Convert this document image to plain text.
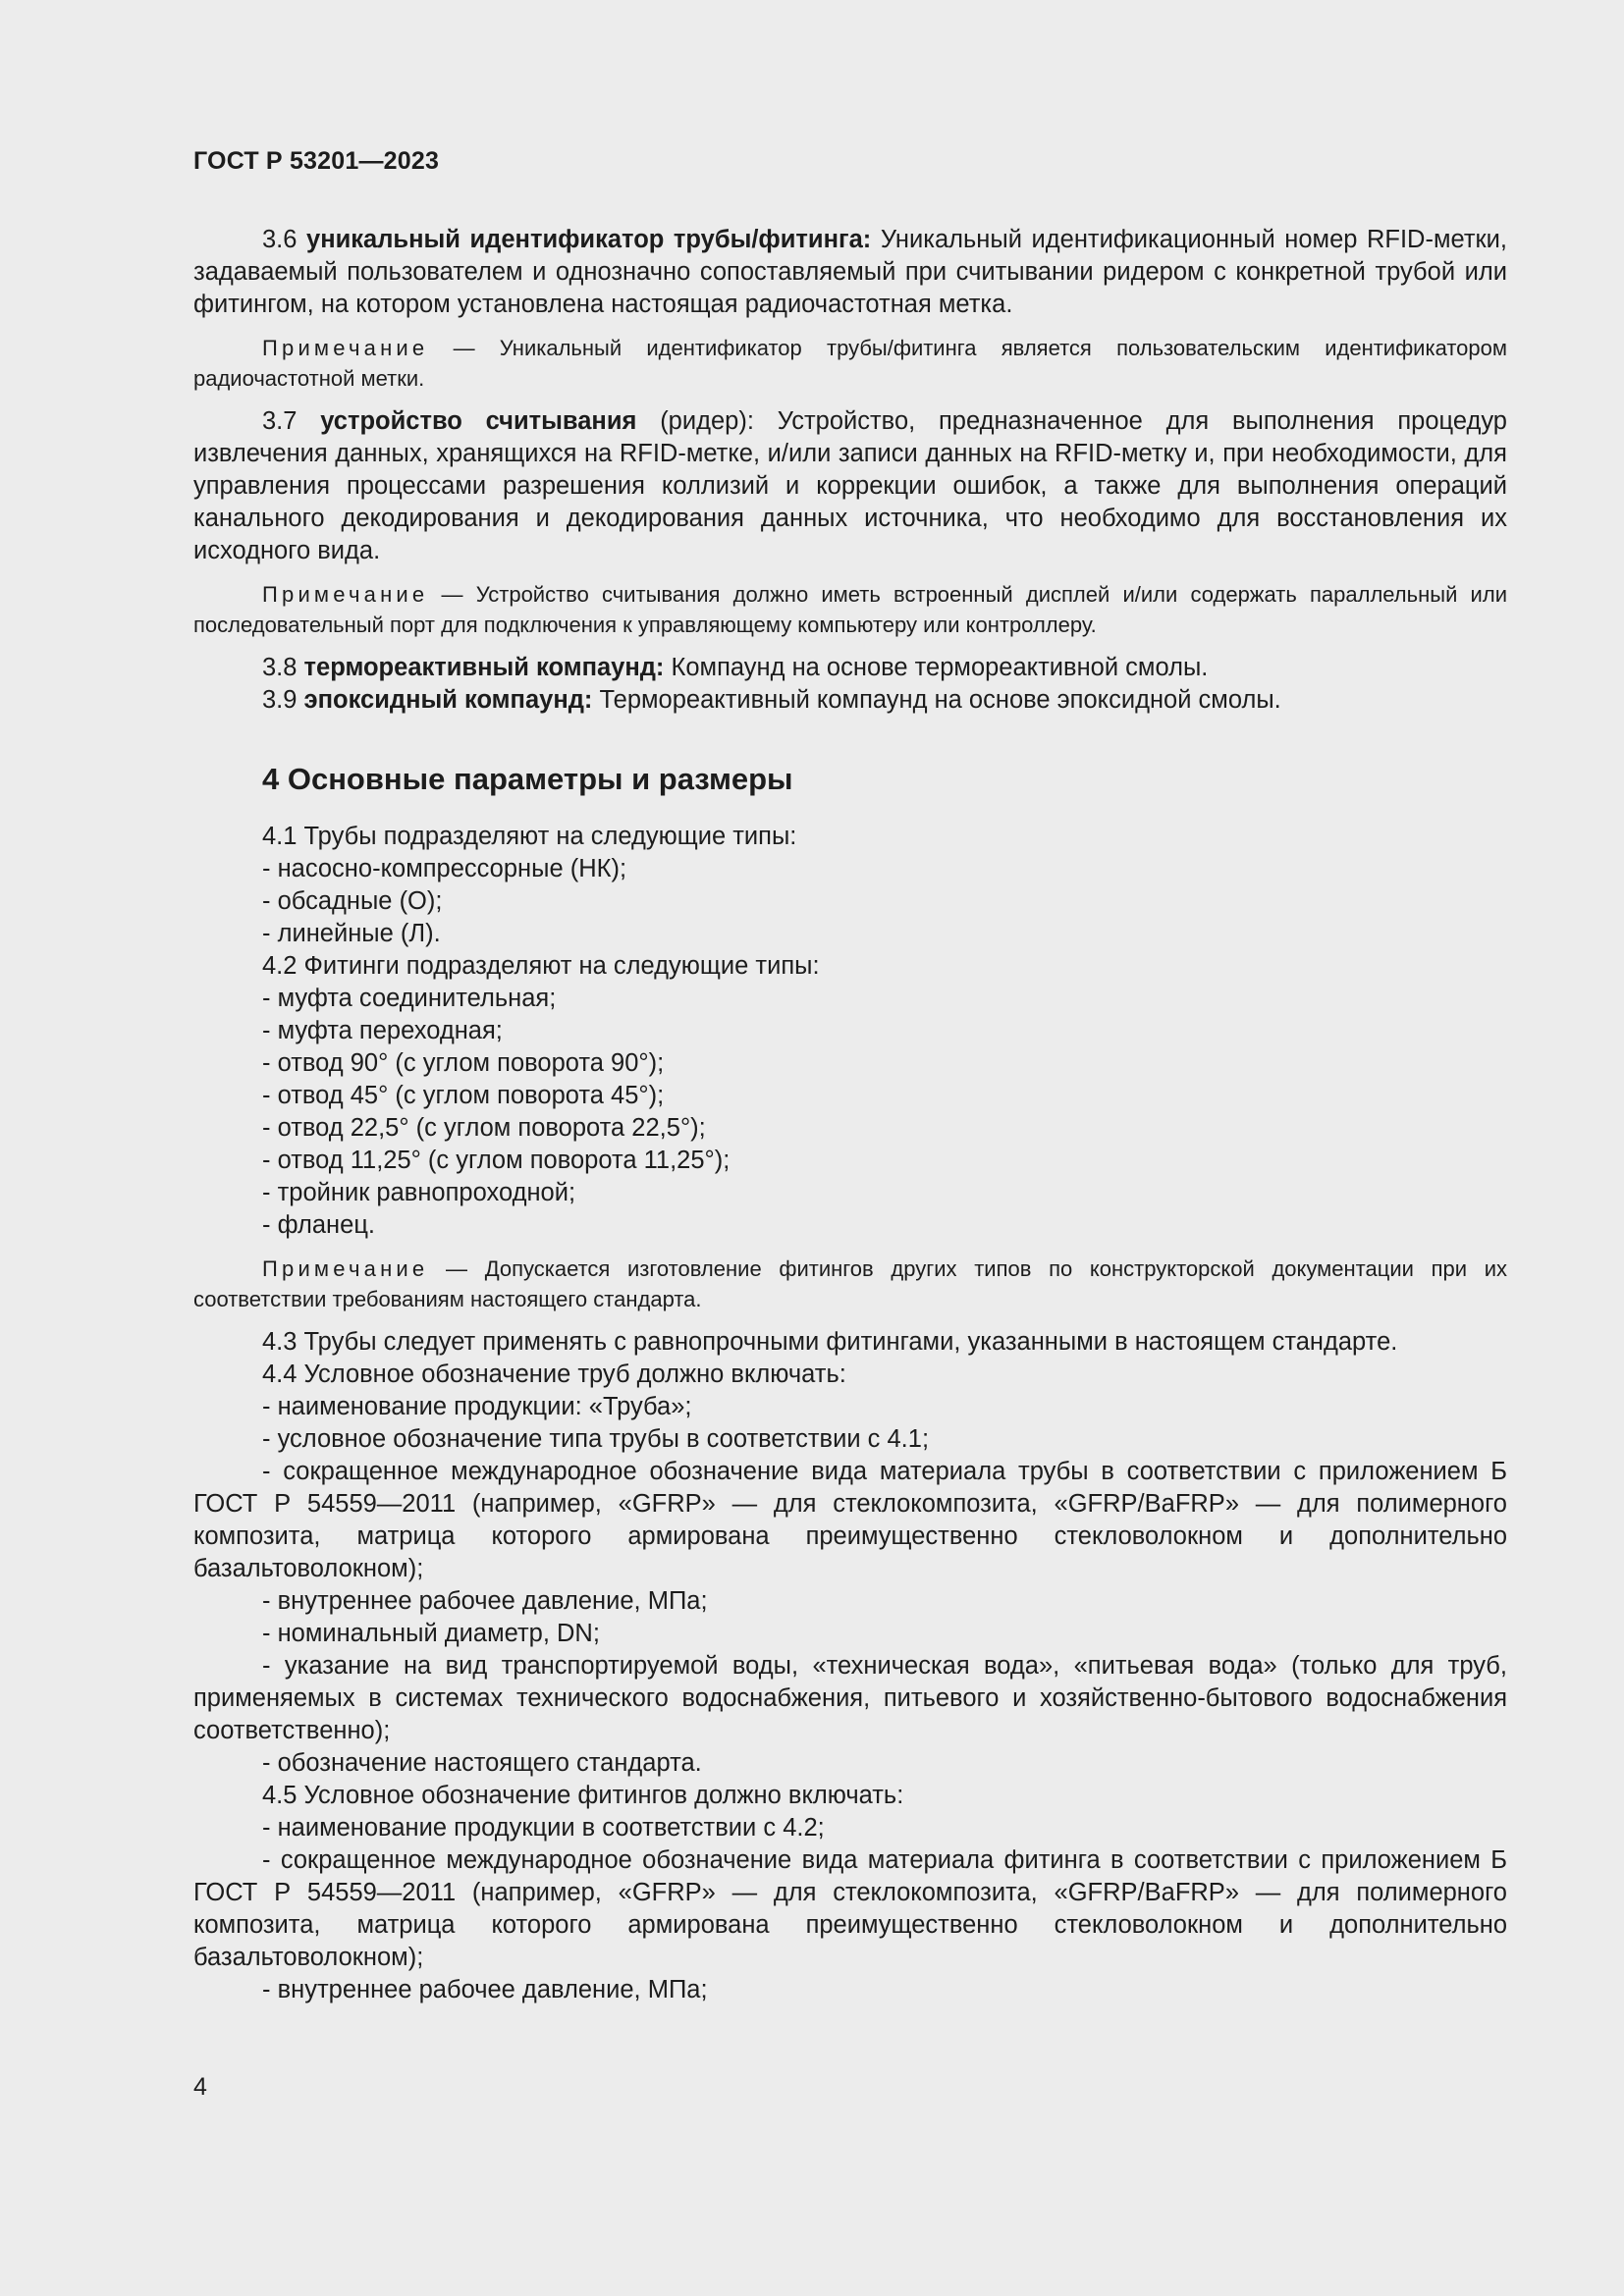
ГОСТ Р 53201—2023

3.6 уникальный идентификатор трубы/фитинга: Уникальный идентификационный номер RFID-метки, задаваемый пользователем и однозначно сопоставляемый при считывании ридером с конкретной трубой или фитингом, на котором установлена настоящая радиочастотная метка.

Примечание — Уникальный идентификатор трубы/фитинга является пользовательским идентификатором радиочастотной метки.

3.7 устройство считывания (ридер): Устройство, предназначенное для выполнения процедур извлечения данных, хранящихся на RFID-метке, и/или записи данных на RFID-метку и, при необходимости, для управления процессами разрешения коллизий и коррекции ошибок, а также для выполнения операций канального декодирования и декодирования данных источника, что необходимо для восстановления их исходного вида.

Примечание — Устройство считывания должно иметь встроенный дисплей и/или содержать параллельный или последовательный порт для подключения к управляющему компьютеру или контроллеру.

3.8 термореактивный компаунд: Компаунд на основе термореактивной смолы.

3.9 эпоксидный компаунд: Термореактивный компаунд на основе эпоксидной смолы.

4 Основные параметры и размеры

4.1 Трубы подразделяют на следующие типы:

- насосно-компрессорные (НК);

- обсадные (О);

- линейные (Л).

4.2 Фитинги подразделяют на следующие типы:

- муфта соединительная;

- муфта переходная;

- отвод 90° (с углом поворота 90°);

- отвод 45° (с углом поворота 45°);

- отвод 22,5° (с углом поворота 22,5°);

- отвод 11,25° (с углом поворота 11,25°);

- тройник равнопроходной;

- фланец.

Примечание — Допускается изготовление фитингов других типов по конструкторской документации при их соответствии требованиям настоящего стандарта.

4.3 Трубы следует применять с равнопрочными фитингами, указанными в настоящем стандарте.

4.4 Условное обозначение труб должно включать:

- наименование продукции: «Труба»;

- условное обозначение типа трубы в соответствии с 4.1;

- сокращенное международное обозначение вида материала трубы в соответствии с приложением Б ГОСТ Р 54559—2011 (например, «GFRP» — для стеклокомпозита, «GFRP/BaFRP» — для полимерного композита, матрица которого армирована преимущественно стекловолокном и дополнительно базальтоволокном);

- внутреннее рабочее давление, МПа;

- номинальный диаметр, DN;

- указание на вид транспортируемой воды, «техническая вода», «питьевая вода» (только для труб, применяемых в системах технического водоснабжения, питьевого и хозяйственно-бытового водоснабжения соответственно);

- обозначение настоящего стандарта.

4.5 Условное обозначение фитингов должно включать:

- наименование продукции в соответствии с 4.2;

- сокращенное международное обозначение вида материала фитинга в соответствии с приложением Б ГОСТ Р 54559—2011 (например, «GFRP» — для стеклокомпозита, «GFRP/BaFRP» — для полимерного композита, матрица которого армирована преимущественно стекловолокном и дополнительно базальтоволокном);

- внутреннее рабочее давление, МПа;

4
